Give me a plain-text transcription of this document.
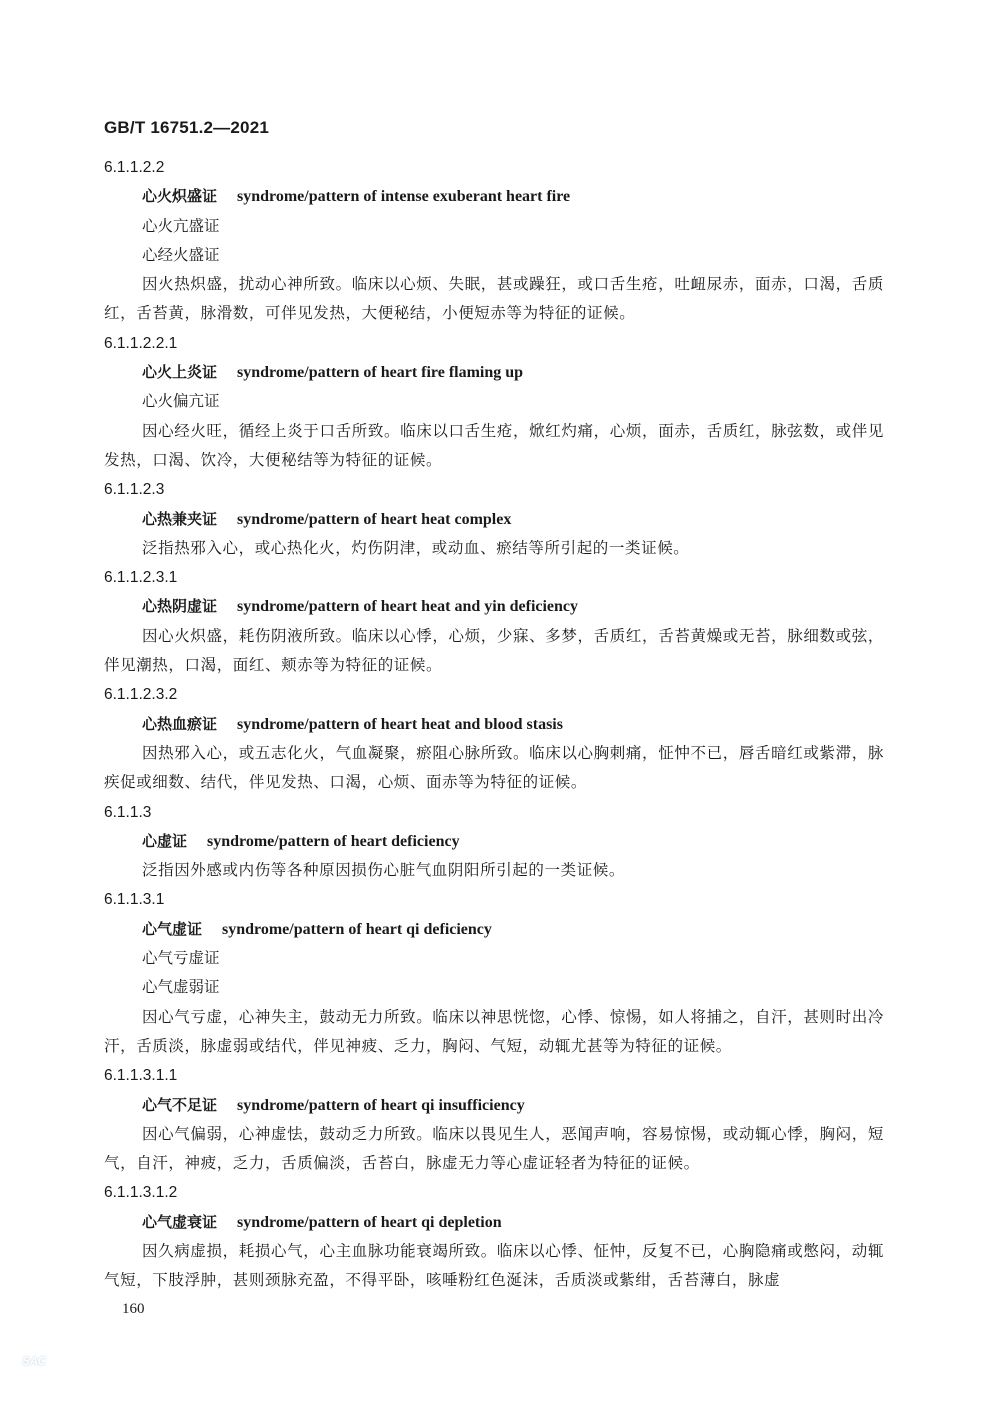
GB/T 16751.2—2021
6.1.1.2.2
心火炽盛证 syndrome/pattern of intense exuberant heart fire
心火亢盛证
心经火盛证

因火热炽盛，扰动心神所致。临床以心烦、失眠，甚或躁狂，或口舌生疮，吐衄尿赤，面赤，口渴，舌质红，舌苔黄，脉滑数，可伴见发热，大便秘结，小便短赤等为特征的证候。

6.1.1.2.2.1
心火上炎证 syndrome/pattern of heart fire flaming up
心火偏亢证

因心经火旺，循经上炎于口舌所致。临床以口舌生疮，焮红灼痛，心烦，面赤，舌质红，脉弦数，或伴见发热，口渴、饮冷，大便秘结等为特征的证候。

6.1.1.2.3
心热兼夹证 syndrome/pattern of heart heat complex

泛指热邪入心，或心热化火，灼伤阴津，或动血、瘀结等所引起的一类证候。

6.1.1.2.3.1
心热阴虚证 syndrome/pattern of heart heat and yin deficiency

因心火炽盛，耗伤阴液所致。临床以心悸，心烦，少寐、多梦，舌质红，舌苔黄燥或无苔，脉细数或弦，伴见潮热，口渴，面红、颊赤等为特征的证候。

6.1.1.2.3.2
心热血瘀证 syndrome/pattern of heart heat and blood stasis

因热邪入心，或五志化火，气血凝聚，瘀阻心脉所致。临床以心胸刺痛，怔忡不已，唇舌暗红或紫滞，脉疾促或细数、结代，伴见发热、口渴，心烦、面赤等为特征的证候。

6.1.1.3
心虚证 syndrome/pattern of heart deficiency

泛指因外感或内伤等各种原因损伤心脏气血阴阳所引起的一类证候。

6.1.1.3.1
心气虚证 syndrome/pattern of heart qi deficiency
心气亏虚证
心气虚弱证

因心气亏虚，心神失主，鼓动无力所致。临床以神思恍惚，心悸、惊惕，如人将捕之，自汗，甚则时出冷汗，舌质淡，脉虚弱或结代，伴见神疲、乏力，胸闷、气短，动辄尤甚等为特征的证候。

6.1.1.3.1.1
心气不足证 syndrome/pattern of heart qi insufficiency

因心气偏弱，心神虚怯，鼓动乏力所致。临床以畏见生人，恶闻声响，容易惊惕，或动辄心悸，胸闷，短气，自汗，神疲，乏力，舌质偏淡，舌苔白，脉虚无力等心虚证轻者为特征的证候。

6.1.1.3.1.2
心气虚衰证 syndrome/pattern of heart qi depletion

因久病虚损，耗损心气，心主血脉功能衰竭所致。临床以心悸、怔忡，反复不已，心胸隐痛或憋闷，动辄气短，下肢浮肿，甚则颈脉充盈，不得平卧，咳唾粉红色涎沫，舌质淡或紫绀，舌苔薄白，脉虚

160
SAC
